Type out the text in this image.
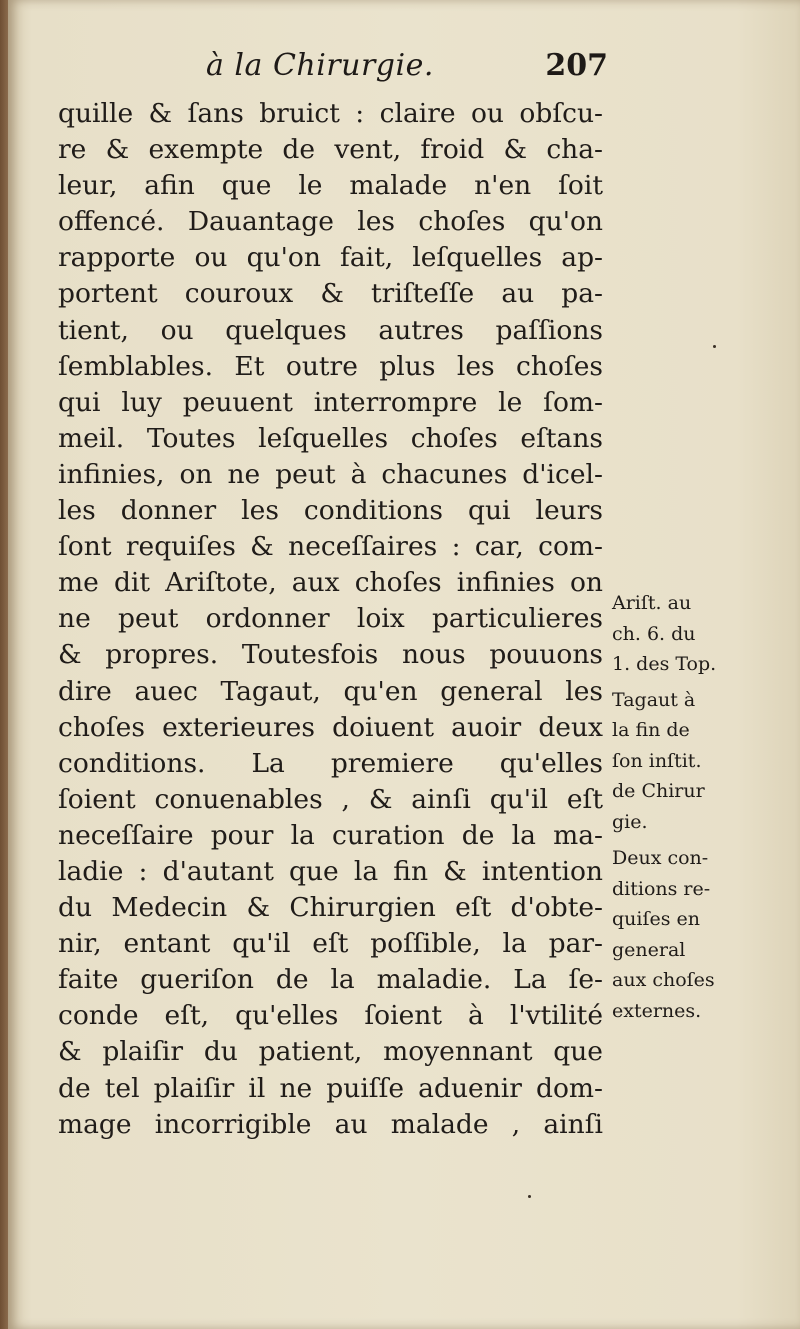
à la Chirurgie.	207
quille & ſans bruict : claire ou obſcu-
re & exempte de vent, froid & cha-
leur, afin que le malade n'en ſoit
offencé. Dauantage les choſes qu'on
rapporte ou qu'on fait, leſquelles ap-
portent couroux & triſteſſe au pa-
tient, ou quelques autres paſſions
ſemblables. Et outre plus les choſes
qui luy peuuent interrompre le ſom-
meil. Toutes leſquelles choſes eſtans
infinies, on ne peut à chacunes d'icel-
les donner les conditions qui leurs
ſont requiſes & neceſſaires : car, com-
me dit Ariſtote, aux choſes infinies on
ne peut ordonner loix particulieres
& propres. Toutesfois nous pouuons
dire auec Tagaut, qu'en general les
choſes exterieures doiuent auoir deux
conditions. La premiere qu'elles
ſoient conuenables , & ainſi qu'il eſt
neceſſaire pour la curation de la ma-
ladie : d'autant que la fin & intention
du Medecin & Chirurgien eſt d'obte-
nir, entant qu'il eſt poſſible, la par-
faite gueriſon de la maladie. La ſe-
conde eſt, qu'elles ſoient à l'vtilité
& plaiſir du patient, moyennant que
de tel plaiſir il ne puiſſe aduenir dom-
mage incorrigible au malade , ainſi
Ariſt. au
ch. 6. du
1. des Top.
Tagaut à
la fin de
ſon inſtit.
de Chirur
gie.
Deux con-
ditions re-
quiſes en
general
aux choſes
externes.
